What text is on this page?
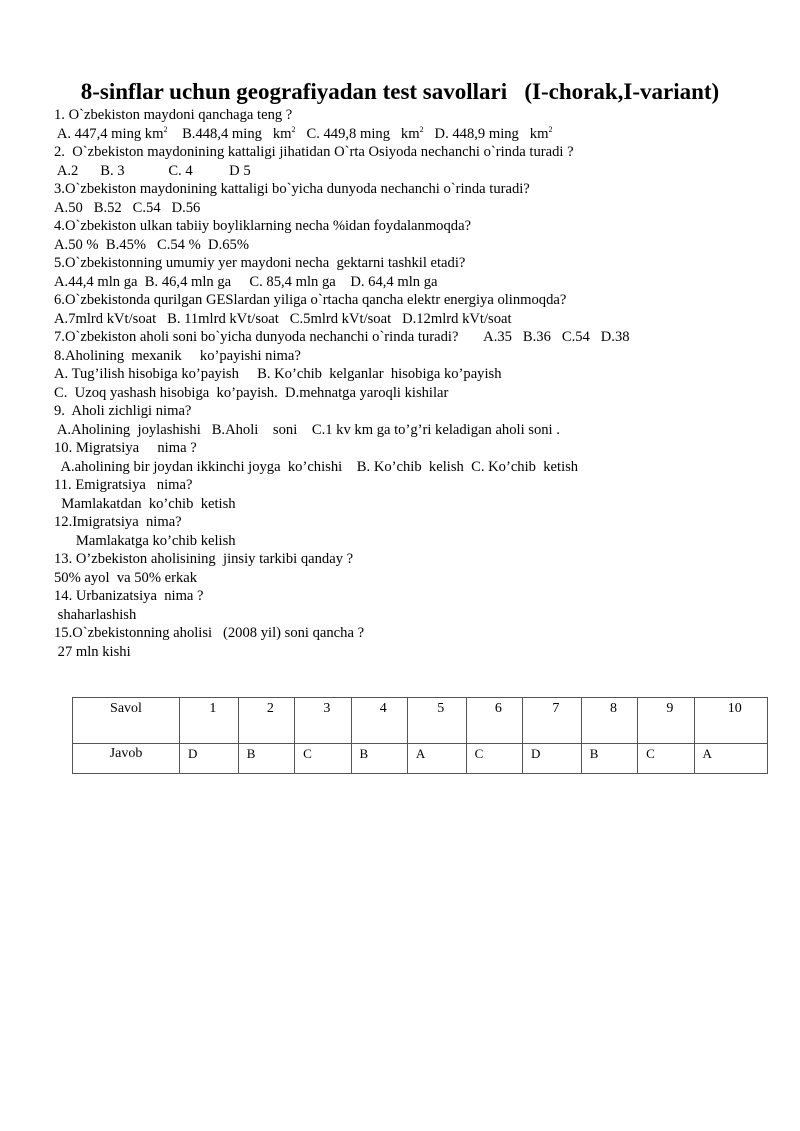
8-sinflar uchun geografiyadan test savollari   (I-chorak,I-variant)
1. O`zbekiston maydoni qanchaga teng ?
A. 447,4 ming $km^2$    B.448,4 ming   $km^2$   C. 449,8 ming   $km^2$   D. 448,9 ming   $km^2$
2.  O`zbekiston maydonining kattaligi jihatidan O`rta Osiyoda nechanchi o`rinda turadi ?
A.2      B. 3            C. 4          D 5
3.O`zbekiston maydonining kattaligi bo`yicha dunyoda nechanchi o`rinda turadi?
A.50   B.52   C.54   D.56
4.O`zbekiston ulkan tabiiy boyliklarning necha %idan foydalanmoqda?
A.50 %  B.45%   C.54 %  D.65%
5.O`zbekistonning umumiy yer maydoni necha  gektarni tashkil etadi?
A.44,4 mln ga  B. 46,4 mln ga     C. 85,4 mln ga    D. 64,4 mln ga
6.O`zbekistonda qurilgan GESlardan yiliga o`rtacha qancha elektr energiya olinmoqda?
A.7mlrd kVt/soat   B. 11mlrd kVt/soat   C.5mlrd kVt/soat   D.12mlrd kVt/soat
7.O`zbekiston aholi soni bo`yicha dunyoda nechanchi o`rinda turadi?       A.35   B.36   C.54   D.38
8.Aholining  mexanik     ko’payishi nima?
A. Tug’ilish hisobiga ko’payish     B. Ko’chib  kelganlar  hisobiga ko’payish
C.  Uzoq yashash hisobiga  ko’payish.  D.mehnatga yaroqli kishilar
9.  Aholi zichligi nima?
A.Aholining  joylashishi   B.Aholi    soni    C.1 kv km ga to’g’ri keladigan aholi soni .
10. Migratsiya     nima ?
A.aholining bir joydan ikkinchi joyga  ko’chishi    B. Ko’chib  kelish  C. Ko’chib  ketish
11. Emigratsiya   nima?
Mamlakatdan  ko’chib  ketish
12.Imigratsiya  nima?
Mamlakatga ko’chib kelish
13. O’zbekiston aholisining  jinsiy tarkibi qanday ?
50% ayol  va 50% erkak
14. Urbanizatsiya  nima ?
shaharlashish
15.O`zbekistonning aholisi   (2008 yil) soni qancha ?
27 mln kishi
Savol	1	2	3	4	5	6	7	8	9	10
Javob	D	B	C	B	A	C	D	B	C	A
